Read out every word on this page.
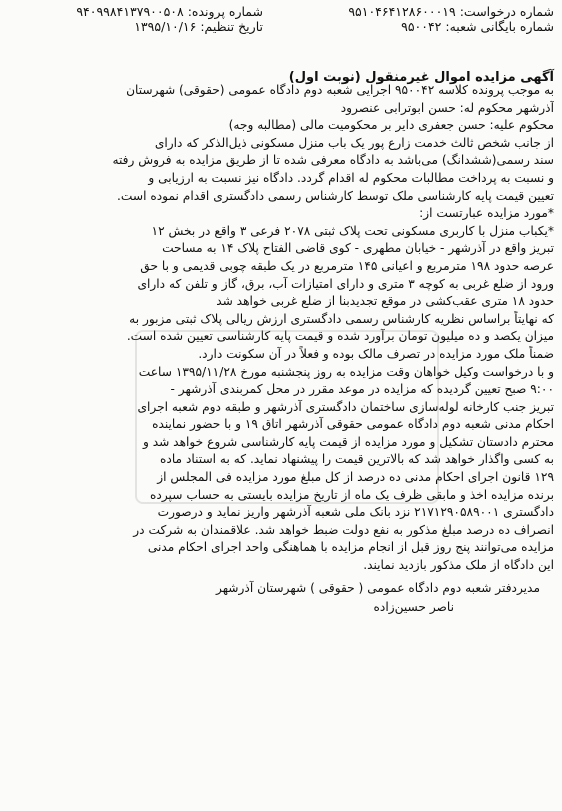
شماره درخواست: ۹۵۱۰۴۶۴۱۲۸۶۰۰۰۱۹
شماره بایگانی شعبه: ۹۵۰۰۴۲
شماره پرونده: ۹۴۰۹۹۸۴۱۳۷۹۰۰۵۰۸
تاریخ تنظیم: ۱۳۹۵/۱۰/۱۶
آگهی مزایده اموال غیرمنقول (نوبت اول)

به موجب پرونده کلاسه ۹۵۰۰۴۲ اجرایی شعبه دوم دادگاه عمومی (حقوقی) شهرستان

آذرشهر محکوم له: حسن ابوترابی عنصرود

محکوم علیه: حسن جعفری دایر بر محکومیت مالی (مطالبه وجه)

از جانب شخص ثالث خدمت زارع پور یک باب منزل مسکونی ذیل‌الذکر که دارای

سند رسمی(ششدانگ) می‌باشد به دادگاه معرفی شده تا از طریق مزایده به فروش رفته

و نسبت به پرداخت مطالبات محکوم له اقدام گردد. دادگاه نیز نسبت به ارزیابی و

تعیین قیمت پایه کارشناسی ملک توسط کارشناس رسمی دادگستری اقدام نموده است.

*مورد مزایده عبارتست از:

*یکباب منزل با کاربری مسکونی تحت پلاک ثبتی ۲۰۷۸ فرعی ۳ واقع در بخش ۱۲

تبریز واقع در آذرشهر - خیابان مطهری - کوی قاضی الفتاح پلاک ۱۴ به مساحت

عرصه حدود ۱۹۸ مترمربع و اعیانی ۱۴۵ مترمربع در یک طبقه چوبی قدیمی و با حق

ورود از ضلع غربی به کوچه ۳ متری و دارای امتیازات آب، برق، گاز و تلفن که دارای

حدود ۱۸ متری عقب‌کشی در موقع تجدیدبنا از ضلع غربی خواهد شد

که نهایتاً براساس نظریه کارشناس رسمی دادگستری ارزش ریالی پلاک ثبتی مزبور به

میزان یکصد و ده میلیون تومان برآورد شده و قیمت پایه کارشناسی تعیین شده است.

ضمناً ملک مورد مزایده در تصرف مالک بوده و فعلاً در آن سکونت دارد.

و با درخواست وکیل خواهان وقت مزایده به روز پنجشنبه مورخ ۱۳۹۵/۱۱/۲۸ ساعت

۹:۰۰ صبح تعیین گردیده که مزایده در موعد مقرر در محل کمربندی آذرشهر -

تبریز جنب کارخانه لوله‌سازی ساختمان دادگستری آذرشهر و طبقه دوم شعبه اجرای

احکام مدنی شعبه دوم دادگاه عمومی حقوقی آذرشهر اتاق ۱۹ و با حضور نماینده

محترم دادستان تشکیل و مورد مزایده از قیمت پایه کارشناسی شروع خواهد شد و

به کسی واگذار خواهد شد که بالاترین قیمت را پیشنهاد نماید. که به استناد ماده

۱۲۹ قانون اجرای احکام مدنی ده درصد از کل مبلغ مورد مزایده فی المجلس از

برنده مزایده اخذ و مابقی ظرف یک ماه از تاریخ مزایده بایستی به حساب سپرده

دادگستری ۲۱۷۱۲۹۰۵۸۹۰۰۱ نزد بانک ملی شعبه آذرشهر واریز نماید و درصورت

انصراف ده درصد مبلغ مذکور به نفع دولت ضبط خواهد شد. علاقمندان به شرکت در

مزایده می‌توانند پنج روز قبل از انجام مزایده با هماهنگی واحد اجرای احکام مدنی

این دادگاه از ملک مذکور بازدید نمایند.

مدیردفتر شعبه دوم دادگاه عمومی ( حقوقی ) شهرستان آذرشهر

ناصر حسین‌زاده
